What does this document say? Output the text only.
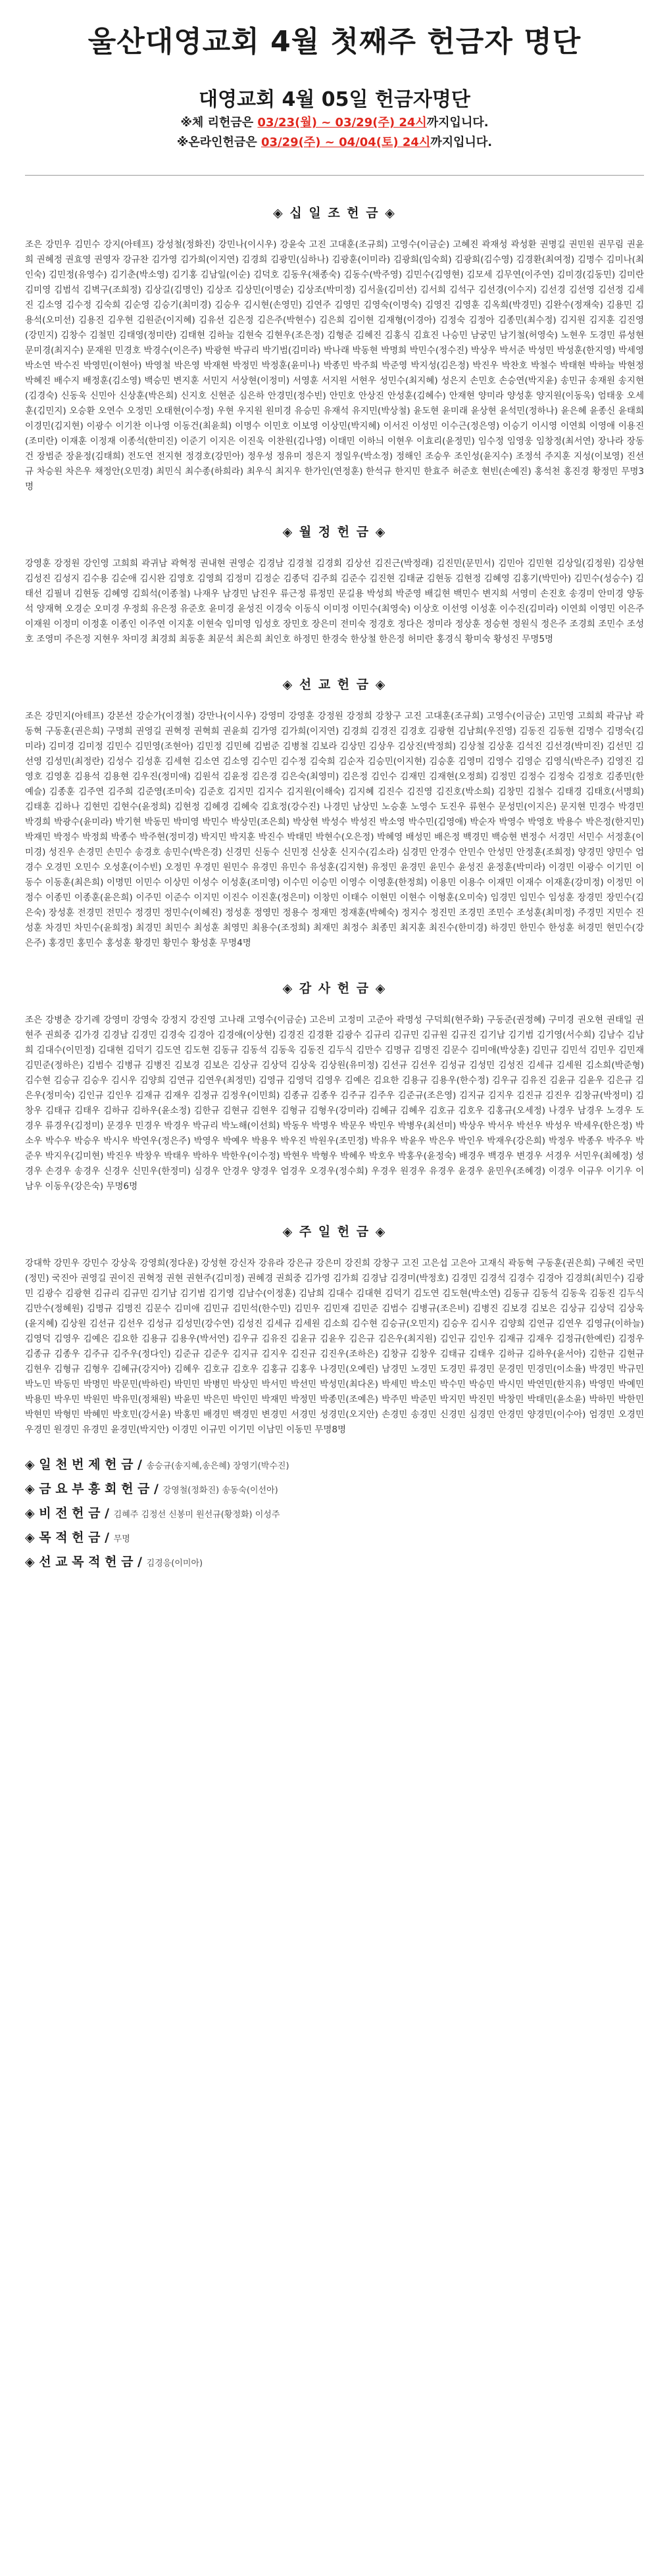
울산대영교회 4월 첫째주 헌금자 명단
대영교회 4월 05일 헌금자명단
※체 리헌금은 03/23(월) ~ 03/29(주) 24시까지입니다.
※온라인헌금은 03/29(주) ~ 04/04(토) 24시까지입니다.
◈ 십 일 조 헌 금 ◈
조은 강민우 김민수 강지(아테프) 강성철(정화진) 강민나(이시우) 강윤숙 고진 고대훈(조규희) 고영수(이금순) 고혜진 곽재성 곽성환 권명길 권민원 권무림 권윤희 권혜정 권효영 권영자 강규찬 김가영 김가희(이지연) 김경희 김광민(심하나) 김광훈(이미라) 김광희(임숙희) 김광희(김수영) 김경환(최여정) 김명수 김미나(최인숙) 김민정(유영수) 김기춘(박소영) 김기홍 김남일(이순) 김덕호 김동우(채종숙) 김동수(박주영) 김민수(김영현) 김모세 김무연(이주연) 김미경(김동민) 김미란 김미영 김범석 김벽구(조희정) 김상길(김명인) 김상조 김상민(이명순) 김상조(박미정) 김서울(김미선) 김서희 김석구 김선경(이수지) 김선경 김선영 김선정 김세진 김소영 김수정 김숙희 김순영 김승기(최미경) 김승우 김시현(손영민) 김연주 김영민 김영숙(이명숙) 김영진 김영훈 김옥희(박경민) 김완수(정재숙) 김용민 김용석(오미선) 김용진 김우현 김원준(이지혜) 김유선 김은정 김은주(박현수) 김은희 김이현 김재형(이경아) 김정숙 김정아 김종민(최수정) 김지원 김지훈 김진영(강민지) 김창수 김철민 김태영(정미란) 김태현 김하늘 김현숙 김현우(조은정) 김형준 김혜진 김홍식 김효진 나승민 남궁민 남기철(허영숙) 노현우 도경민 류성현 문미경(최지수) 문재원 민경호 박경수(이은주) 박광현 박규리 박기범(김미라) 박나래 박동현 박명희 박민수(정수진) 박상우 박서준 박성민 박성훈(한지영) 박세영 박소연 박수진 박영민(이현아) 박영철 박은영 박재현 박정민 박정훈(윤미나) 박종민 박주희 박준영 박지성(김은정) 박진우 박찬호 박철수 박태현 박하늘 박현정 박혜진 배수지 배정훈(김소영) 백승민 변지훈 서민지 서상현(이정미) 서영훈 서지원 서현우 성민수(최지혜) 성은지 손민호 손승연(박지윤) 송민규 송재원 송지현(김경숙) 신동욱 신민아 신상훈(박은희) 신지호 신현준 심은하 안경민(정수빈) 안민호 안상진 안성훈(김혜수) 안재현 양미라 양성훈 양지원(이동욱) 엄태웅 오세훈(김민지) 오승환 오연수 오정민 오태현(이수정) 우현 우지원 원미경 유승민 유재석 유지민(박상철) 윤도현 윤미래 윤상현 윤석민(정하나) 윤은혜 윤종신 윤태희 이경민(김지현) 이광수 이기찬 이나영 이동건(최윤희) 이명수 이민호 이보영 이상민(박지혜) 이서진 이성민 이수근(정은영) 이승기 이시영 이연희 이영애 이용진(조미란) 이재훈 이정재 이종석(한미진) 이준기 이지은 이진욱 이찬원(김나영) 이태민 이하늬 이현우 이효리(윤정민) 임수정 임영웅 임창정(최서연) 장나라 장동건 장범준 장윤정(김태희) 전도연 전지현 정경호(강민아) 정우성 정유미 정은지 정일우(박소정) 정해인 조승우 조인성(윤지수) 조정석 주지훈 지성(이보영) 진선규 차승원 차은우 채정안(오민경) 최민식 최수종(하희라) 최우식 최지우 한가인(연정훈) 한석규 한지민 한효주 허준호 현빈(손예진) 홍석천 홍진경 황정민 무명3명
◈ 월 정 헌 금 ◈
강영훈 강정원 강인영 고희희 곽귀남 곽혁정 권내현 권영순 김경남 김경철 김경회 김상선 김진근(박정래) 김진민(문민서) 김민아 김민현 김상일(김정원) 김상현 김성진 김성지 김수용 김순애 김시완 김영호 김영희 김정미 김정순 김종덕 김주희 김준수 김진현 김태균 김현동 김현정 김혜영 김홍기(박민아) 김민수(성승수) 김태선 김필녀 김현동 김혜영 김희석(이종철) 나재우 남경민 남진우 류근정 류정민 문길용 박성희 박준영 배길현 백민수 변지희 서영미 손진호 송경미 안미경 양동석 양재혁 오경순 오미경 우정희 유은정 유준호 윤미경 윤성진 이경숙 이동식 이미정 이민수(최영숙) 이상호 이선영 이성훈 이수진(김미라) 이연희 이영민 이은주 이재원 이정미 이정훈 이종인 이주연 이지훈 이현숙 임미영 임성호 장민호 장은미 전미숙 정경호 정다은 정미라 정상훈 정승현 정원식 정은주 조경희 조민수 조성호 조영미 주은정 지현우 차미경 최경희 최동훈 최문석 최은희 최인호 하정민 한경숙 한상철 한은정 허미란 홍경식 황미숙 황성진 무명5명
◈ 선 교 헌 금 ◈
조은 강민지(아테프) 강본선 강순가(이경철) 강만나(이시우) 강영미 강영훈 강정원 강정희 강창구 고진 고대훈(조규희) 고영수(이금순) 고민영 고희희 곽규남 곽동혁 구동훈(권은희) 구명희 권영길 권혁정 권혁희 권윤희 김가영 김가희(이지연) 김경희 김경진 김경호 김광현 김남희(우진영) 김동진 김동현 김명수 김명숙(김미라) 김미경 김미정 김민수 김민영(조현아) 김민정 김민혜 김범준 김병철 김보라 김상민 김상우 김상진(박정희) 김상철 김상훈 김석진 김선경(박미진) 김선민 김선영 김성민(최정란) 김성수 김성훈 김세현 김소연 김소영 김수민 김수정 김숙희 김순자 김승민(이지현) 김승훈 김영미 김영수 김영순 김영식(박은주) 김영진 김영호 김영훈 김용석 김용현 김우진(정미애) 김원석 김윤정 김은경 김은숙(최영미) 김은정 김인수 김재민 김재현(오정희) 김정민 김정수 김정숙 김정호 김종민(한예슬) 김종훈 김주연 김주희 김준영(조미숙) 김준호 김지민 김지수 김지원(이해숙) 김지혜 김진수 김진영 김진호(박소희) 김창민 김철수 김태경 김태호(서명희) 김태훈 김하나 김현민 김현수(윤정희) 김현정 김혜경 김혜숙 김효정(강수진) 나경민 남상민 노승훈 노영수 도진우 류현수 문성민(이지은) 문지현 민경수 박경민 박경희 박광수(윤미라) 박기현 박동민 박미영 박민수 박상민(조은희) 박상현 박성수 박성진 박소영 박수민(김영애) 박순자 박영수 박영호 박용수 박은정(한지민) 박재민 박정수 박정희 박종수 박주현(정미경) 박지민 박지훈 박진수 박태민 박현수(오은정) 박혜영 배성민 배은정 백경민 백승현 변정수 서경민 서민수 서정훈(이미경) 성진우 손경민 손민수 송경호 송민수(박은경) 신경민 신동수 신민정 신상훈 신지수(김소라) 심경민 안경수 안민수 안성민 안정훈(조희정) 양경민 양민수 엄경수 오경민 오민수 오성훈(이수빈) 오정민 우경민 원민수 유경민 유민수 유성훈(김지현) 유정민 윤경민 윤민수 윤성진 윤정훈(박미라) 이경민 이광수 이기민 이동수 이동훈(최은희) 이명민 이민수 이상민 이성수 이성훈(조미영) 이수민 이승민 이영수 이영훈(한정희) 이용민 이용수 이재민 이재수 이재훈(강미정) 이정민 이정수 이종민 이종훈(윤은희) 이주민 이준수 이지민 이진수 이진훈(정은미) 이창민 이태수 이현민 이현수 이형훈(오미숙) 임경민 임민수 임성훈 장경민 장민수(김은숙) 장성훈 전경민 전민수 정경민 정민수(이혜진) 정성훈 정영민 정용수 정재민 정재훈(박혜숙) 정지수 정진민 조경민 조민수 조성훈(최미정) 주경민 지민수 진성훈 차경민 차민수(윤희정) 최경민 최민수 최성훈 최영민 최용수(조정희) 최재민 최정수 최종민 최지훈 최진수(한미경) 하경민 한민수 한성훈 허경민 현민수(강은주) 홍경민 홍민수 홍성훈 황경민 황민수 황성훈 무명4명
◈ 감 사 헌 금 ◈
조은 강병춘 강기례 강영미 강영숙 강정지 강진영 고나래 고영수(이금순) 고은비 고정미 고준아 곽명성 구덕희(현주화) 구동준(권정혜) 구미경 권오현 권태일 권현주 권희중 김가경 김경남 김경민 김경숙 김경아 김경애(이상현) 김경진 김경환 김광수 김규리 김규민 김규원 김규진 김기남 김기범 김기영(서수희) 김남수 김남희 김대수(이민정) 김대현 김덕기 김도연 김도현 김동규 김동석 김동욱 김동진 김두식 김만수 김명규 김명진 김문수 김미애(박상훈) 김민규 김민석 김민우 김민재 김민준(정하은) 김범수 김병규 김병진 김보경 김보은 김상규 김상덕 김상욱 김상원(유미정) 김선규 김선우 김성규 김성민 김성진 김세규 김세원 김소희(박준형) 김수현 김승규 김승우 김시우 김양희 김연규 김연우(최정민) 김영규 김영덕 김영우 김예은 김요한 김용규 김용우(한수정) 김우규 김유진 김윤규 김윤우 김은규 김은우(정미숙) 김인규 김인우 김재규 김재우 김정규 김정우(이민희) 김종규 김종우 김주규 김주우 김준규(조은영) 김지규 김지우 김진규 김진우 김창규(박정미) 김창우 김태규 김태우 김하규 김하우(윤소정) 김한규 김현규 김현우 김형규 김형우(강미라) 김혜규 김혜우 김호규 김호우 김홍규(오세정) 나경우 남경우 노경우 도경우 류경우(김정미) 문경우 민경우 박경우 박규리 박노해(이선희) 박동우 박명우 박문우 박민우 박병우(최선미) 박상우 박서우 박선우 박성우 박세우(한은정) 박소우 박수우 박승우 박시우 박연우(정은주) 박영우 박예우 박용우 박우진 박원우(조민정) 박유우 박윤우 박은우 박인우 박재우(강은희) 박정우 박종우 박주우 박준우 박지우(김미현) 박진우 박창우 박태우 박하우 박한우(이수정) 박현우 박형우 박혜우 박호우 박홍우(윤정숙) 배경우 백경우 변경우 서경우 서민우(최혜정) 성경우 손경우 송경우 신경우 신민우(한정미) 심경우 안경우 양경우 엄경우 오경우(정수희) 우경우 원경우 유경우 윤경우 윤민우(조혜경) 이경우 이규우 이기우 이남우 이동우(강은숙) 무명6명
◈ 주 일 헌 금 ◈
강대학 강민우 강민수 강상욱 강영희(정다운) 강성현 강신자 강유라 강은규 강은미 강진희 강창구 고진 고은섭 고은아 고재식 곽동혁 구동훈(권은희) 구혜진 국민(정민) 국진아 권영길 권이진 권혁정 권현 권현주(김미정) 권혜경 권희중 김가영 김가희 김경남 김경미(박정호) 김경민 김경석 김경수 김경아 김경희(최민수) 김광민 김광수 김광현 김규리 김규민 김기남 김기범 김기영 김남수(이정훈) 김남희 김대수 김대현 김덕기 김도연 김도현(박소연) 김동규 김동석 김동욱 김동진 김두식 김만수(정혜원) 김명규 김명진 김문수 김미애 김민규 김민석(한수민) 김민우 김민재 김민준 김범수 김병규(조은비) 김병진 김보경 김보은 김상규 김상덕 김상욱(윤지혜) 김상원 김선규 김선우 김성규 김성민(강수연) 김성진 김세규 김세원 김소희 김수현 김승규(오민지) 김승우 김시우 김양희 김연규 김연우 김영규(이하늘) 김영덕 김영우 김예은 김요한 김용규 김용우(박서연) 김우규 김유진 김윤규 김윤우 김은규 김은우(최지원) 김인규 김인우 김재규 김재우 김정규(한예린) 김정우 김종규 김종우 김주규 김주우(정다인) 김준규 김준우 김지규 김지우 김진규 김진우(조하은) 김창규 김창우 김태규 김태우 김하규 김하우(윤서아) 김한규 김현규 김현우 김형규 김형우 김혜규(강지아) 김혜우 김호규 김호우 김홍규 김홍우 나경민(오예린) 남경민 노경민 도경민 류경민 문경민 민경민(이소율) 박경민 박규민 박노민 박동민 박명민 박문민(박하린) 박민민 박병민 박상민 박서민 박선민 박성민(최다온) 박세민 박소민 박수민 박승민 박시민 박연민(한지유) 박영민 박예민 박용민 박우민 박원민 박유민(정채원) 박윤민 박은민 박인민 박재민 박정민 박종민(조예은) 박주민 박준민 박지민 박진민 박창민 박태민(윤소윤) 박하민 박한민 박현민 박형민 박혜민 박호민(강서윤) 박홍민 배경민 백경민 변경민 서경민 성경민(오지안) 손경민 송경민 신경민 심경민 안경민 양경민(이수아) 엄경민 오경민 우경민 원경민 유경민 윤경민(박지안) 이경민 이규민 이기민 이남민 이동민 무명8명
◈ 일 천 번 제 헌 금 / 송승규(송지혜,송은혜) 장영기(박수진)
◈ 금 요 부 흥 회 헌 금 / 강영철(정화진) 송동숙(이선아)
◈ 비 전 헌 금 / 김혜주 김정선 신봉미 원선규(황정화) 이성주
◈ 목 적 헌 금 / 무명
◈ 선 교 목 적 헌 금 / 김경응(이미아)
